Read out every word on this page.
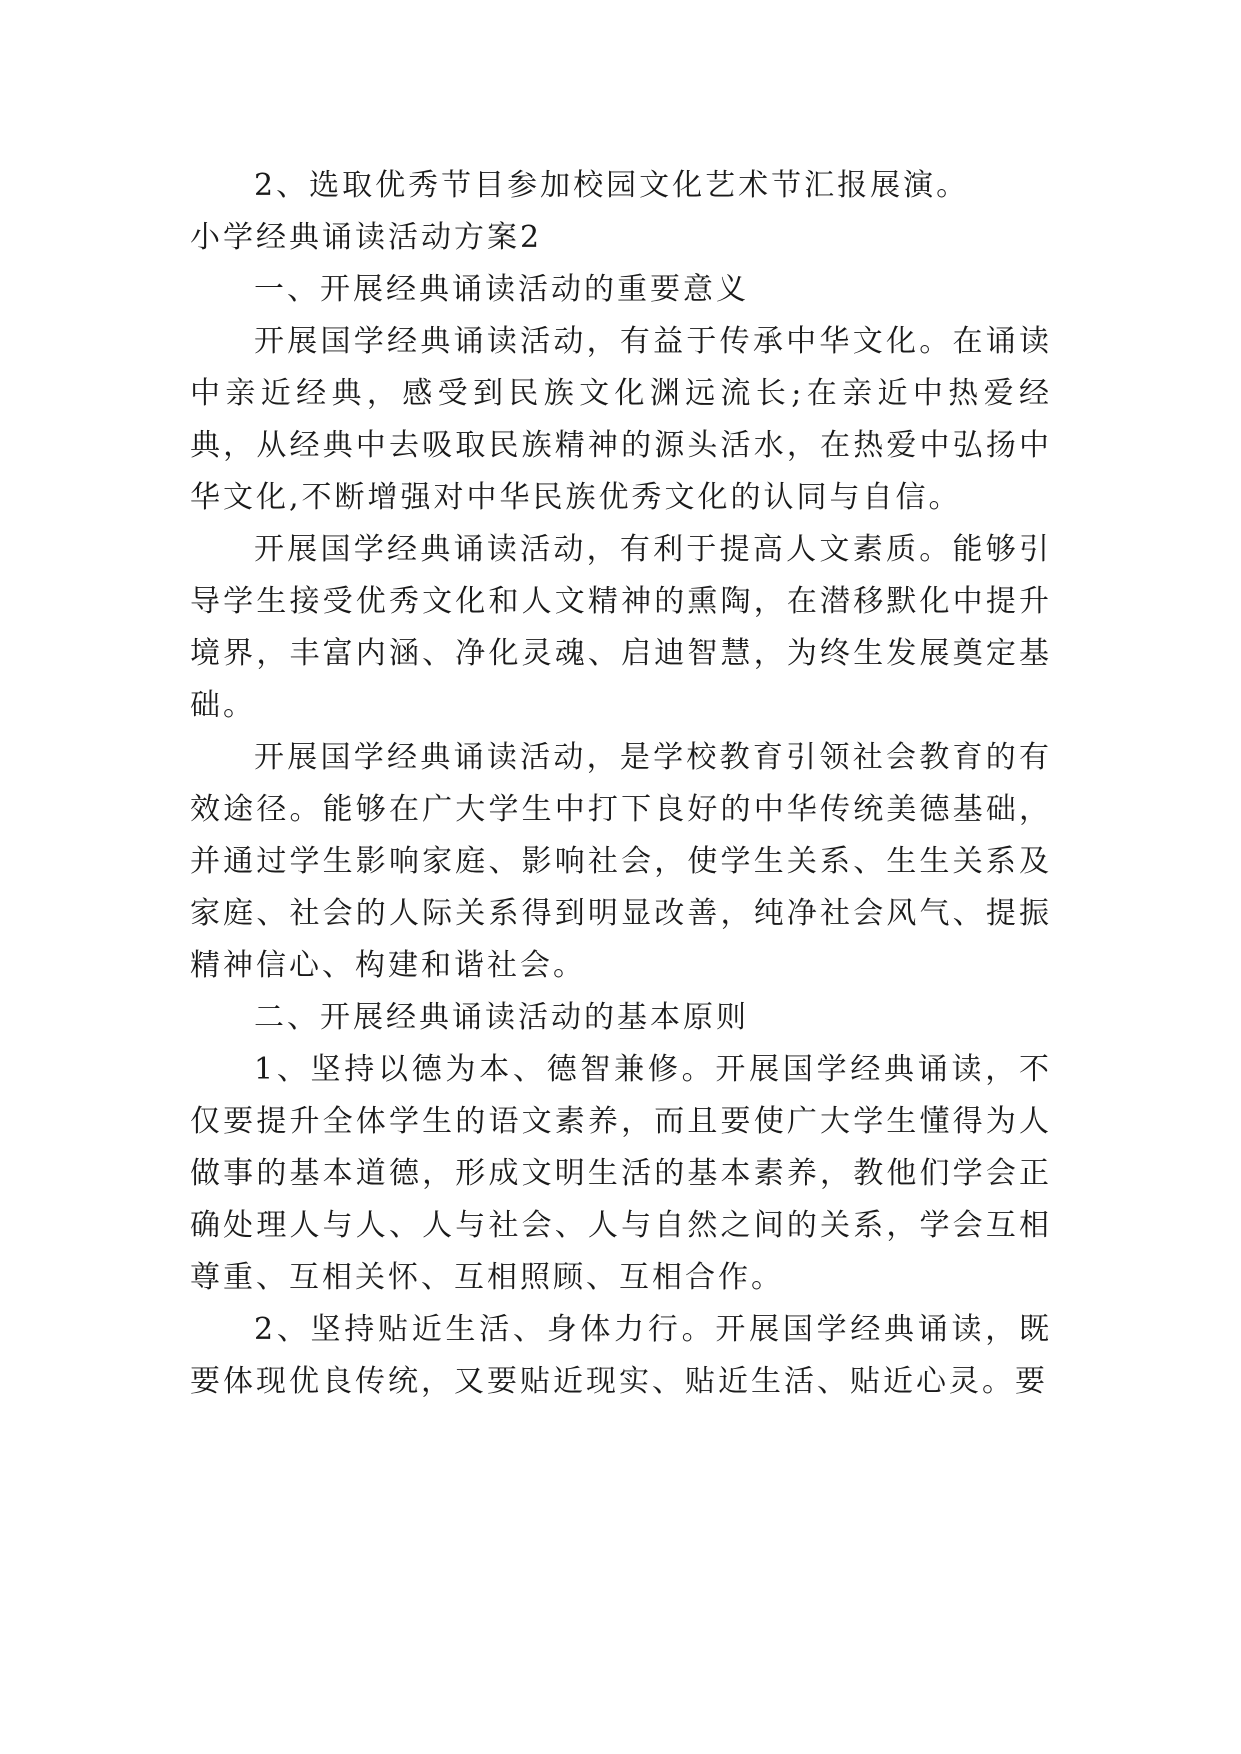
2、选取优秀节目参加校园文化艺术节汇报展演。

小学经典诵读活动方案2

一、开展经典诵读活动的重要意义

开展国学经典诵读活动，有益于传承中华文化。在诵读中亲近经典，感受到民族文化渊远流长;在亲近中热爱经典，从经典中去吸取民族精神的源头活水，在热爱中弘扬中华文化,不断增强对中华民族优秀文化的认同与自信。

开展国学经典诵读活动，有利于提高人文素质。能够引导学生接受优秀文化和人文精神的熏陶，在潜移默化中提升境界，丰富内涵、净化灵魂、启迪智慧，为终生发展奠定基础。

开展国学经典诵读活动，是学校教育引领社会教育的有效途径。能够在广大学生中打下良好的中华传统美德基础，并通过学生影响家庭、影响社会，使学生关系、生生关系及家庭、社会的人际关系得到明显改善，纯净社会风气、提振精神信心、构建和谐社会。

二、开展经典诵读活动的基本原则

1、坚持以德为本、德智兼修。开展国学经典诵读，不仅要提升全体学生的语文素养，而且要使广大学生懂得为人做事的基本道德，形成文明生活的基本素养，教他们学会正确处理人与人、人与社会、人与自然之间的关系，学会互相尊重、互相关怀、互相照顾、互相合作。

2、坚持贴近生活、身体力行。开展国学经典诵读，既要体现优良传统，又要贴近现实、贴近生活、贴近心灵。要
